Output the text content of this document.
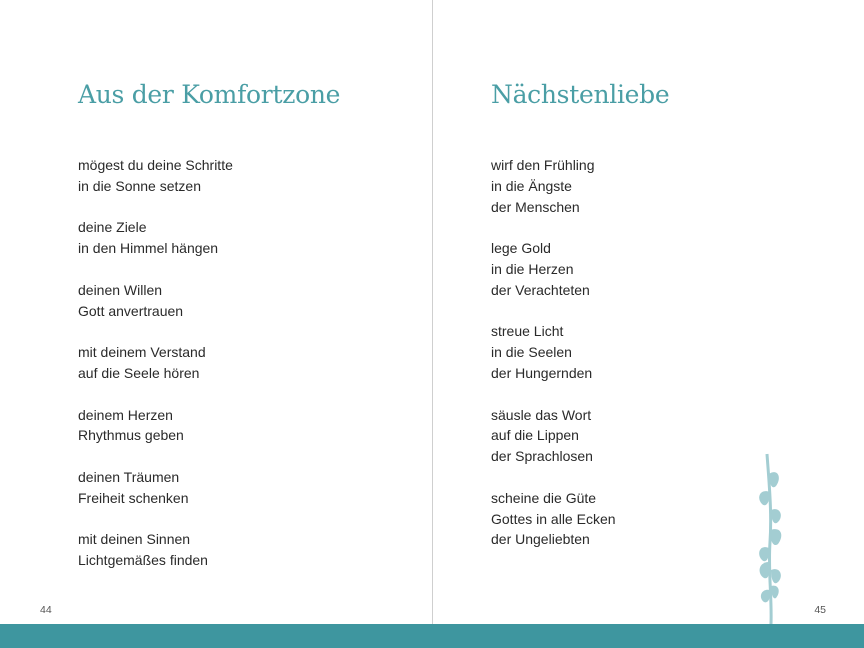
Aus der Komfortzone
mögest du deine Schritte
in die Sonne setzen
deine Ziele
in den Himmel hängen
deinen Willen
Gott anvertrauen
mit deinem Verstand
auf die Seele hören
deinem Herzen
Rhythmus geben
deinen Träumen
Freiheit schenken
mit deinen Sinnen
Lichtgemäßes finden
44
Nächstenliebe
wirf den Frühling
in die Ängste
der Menschen
lege Gold
in die Herzen
der Verachteten
streue Licht
in die Seelen
der Hungernden
säusle das Wort
auf die Lippen
der Sprachlosen
scheine die Güte
Gottes in alle Ecken
der Ungeliebten
45
